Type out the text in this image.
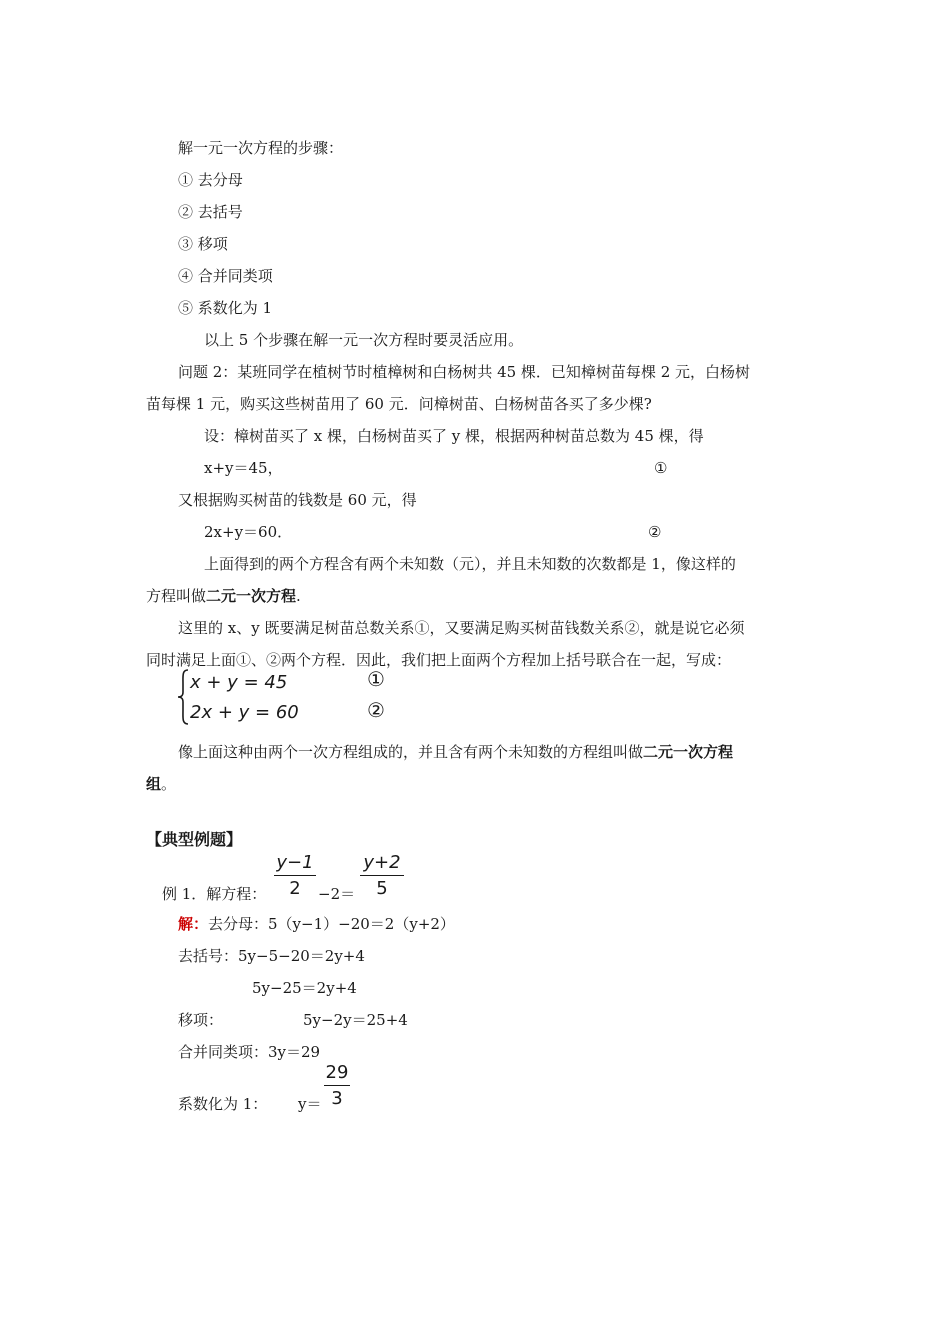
解一元一次方程的步骤：
① 去分母
② 去括号
③ 移项
④ 合并同类项
⑤ 系数化为 1
以上 5 个步骤在解一元一次方程时要灵活应用。
问题 2：某班同学在植树节时植樟树和白杨树共 45 棵．已知樟树苗每棵 2 元，白杨树
苗每棵 1 元，购买这些树苗用了 60 元．问樟树苗、白杨树苗各买了多少棵?
设：樟树苗买了 x 棵，白杨树苗买了 y 棵，根据两种树苗总数为 45 棵，得
x+y＝45，	①
又根据购买树苗的钱数是 60 元，得
2x+y＝60．	②
上面得到的两个方程含有两个未知数（元），并且未知数的次数都是 1，像这样的
方程叫做二元一次方程.
这里的 x、y 既要满足树苗总数关系①，又要满足购买树苗钱数关系②，就是说它必须
同时满足上面①、②两个方程．因此，我们把上面两个方程加上括号联合在一起，写成：
x + y = 45
2x + y = 60
①
②
像上面这种由两个一次方程组成的，并且含有两个未知数的方程组叫做二元一次方程
组。
【典型例题】
y−1
2
y+2
5
例 1．解方程：	−2＝
解：去分母：5（y−1）−20＝2（y+2）
去括号：5y−5−20＝2y+4
5y−25＝2y+4
移项：	5y−2y＝25+4
合并同类项：3y＝29
系数化为 1： y＝
29
3
